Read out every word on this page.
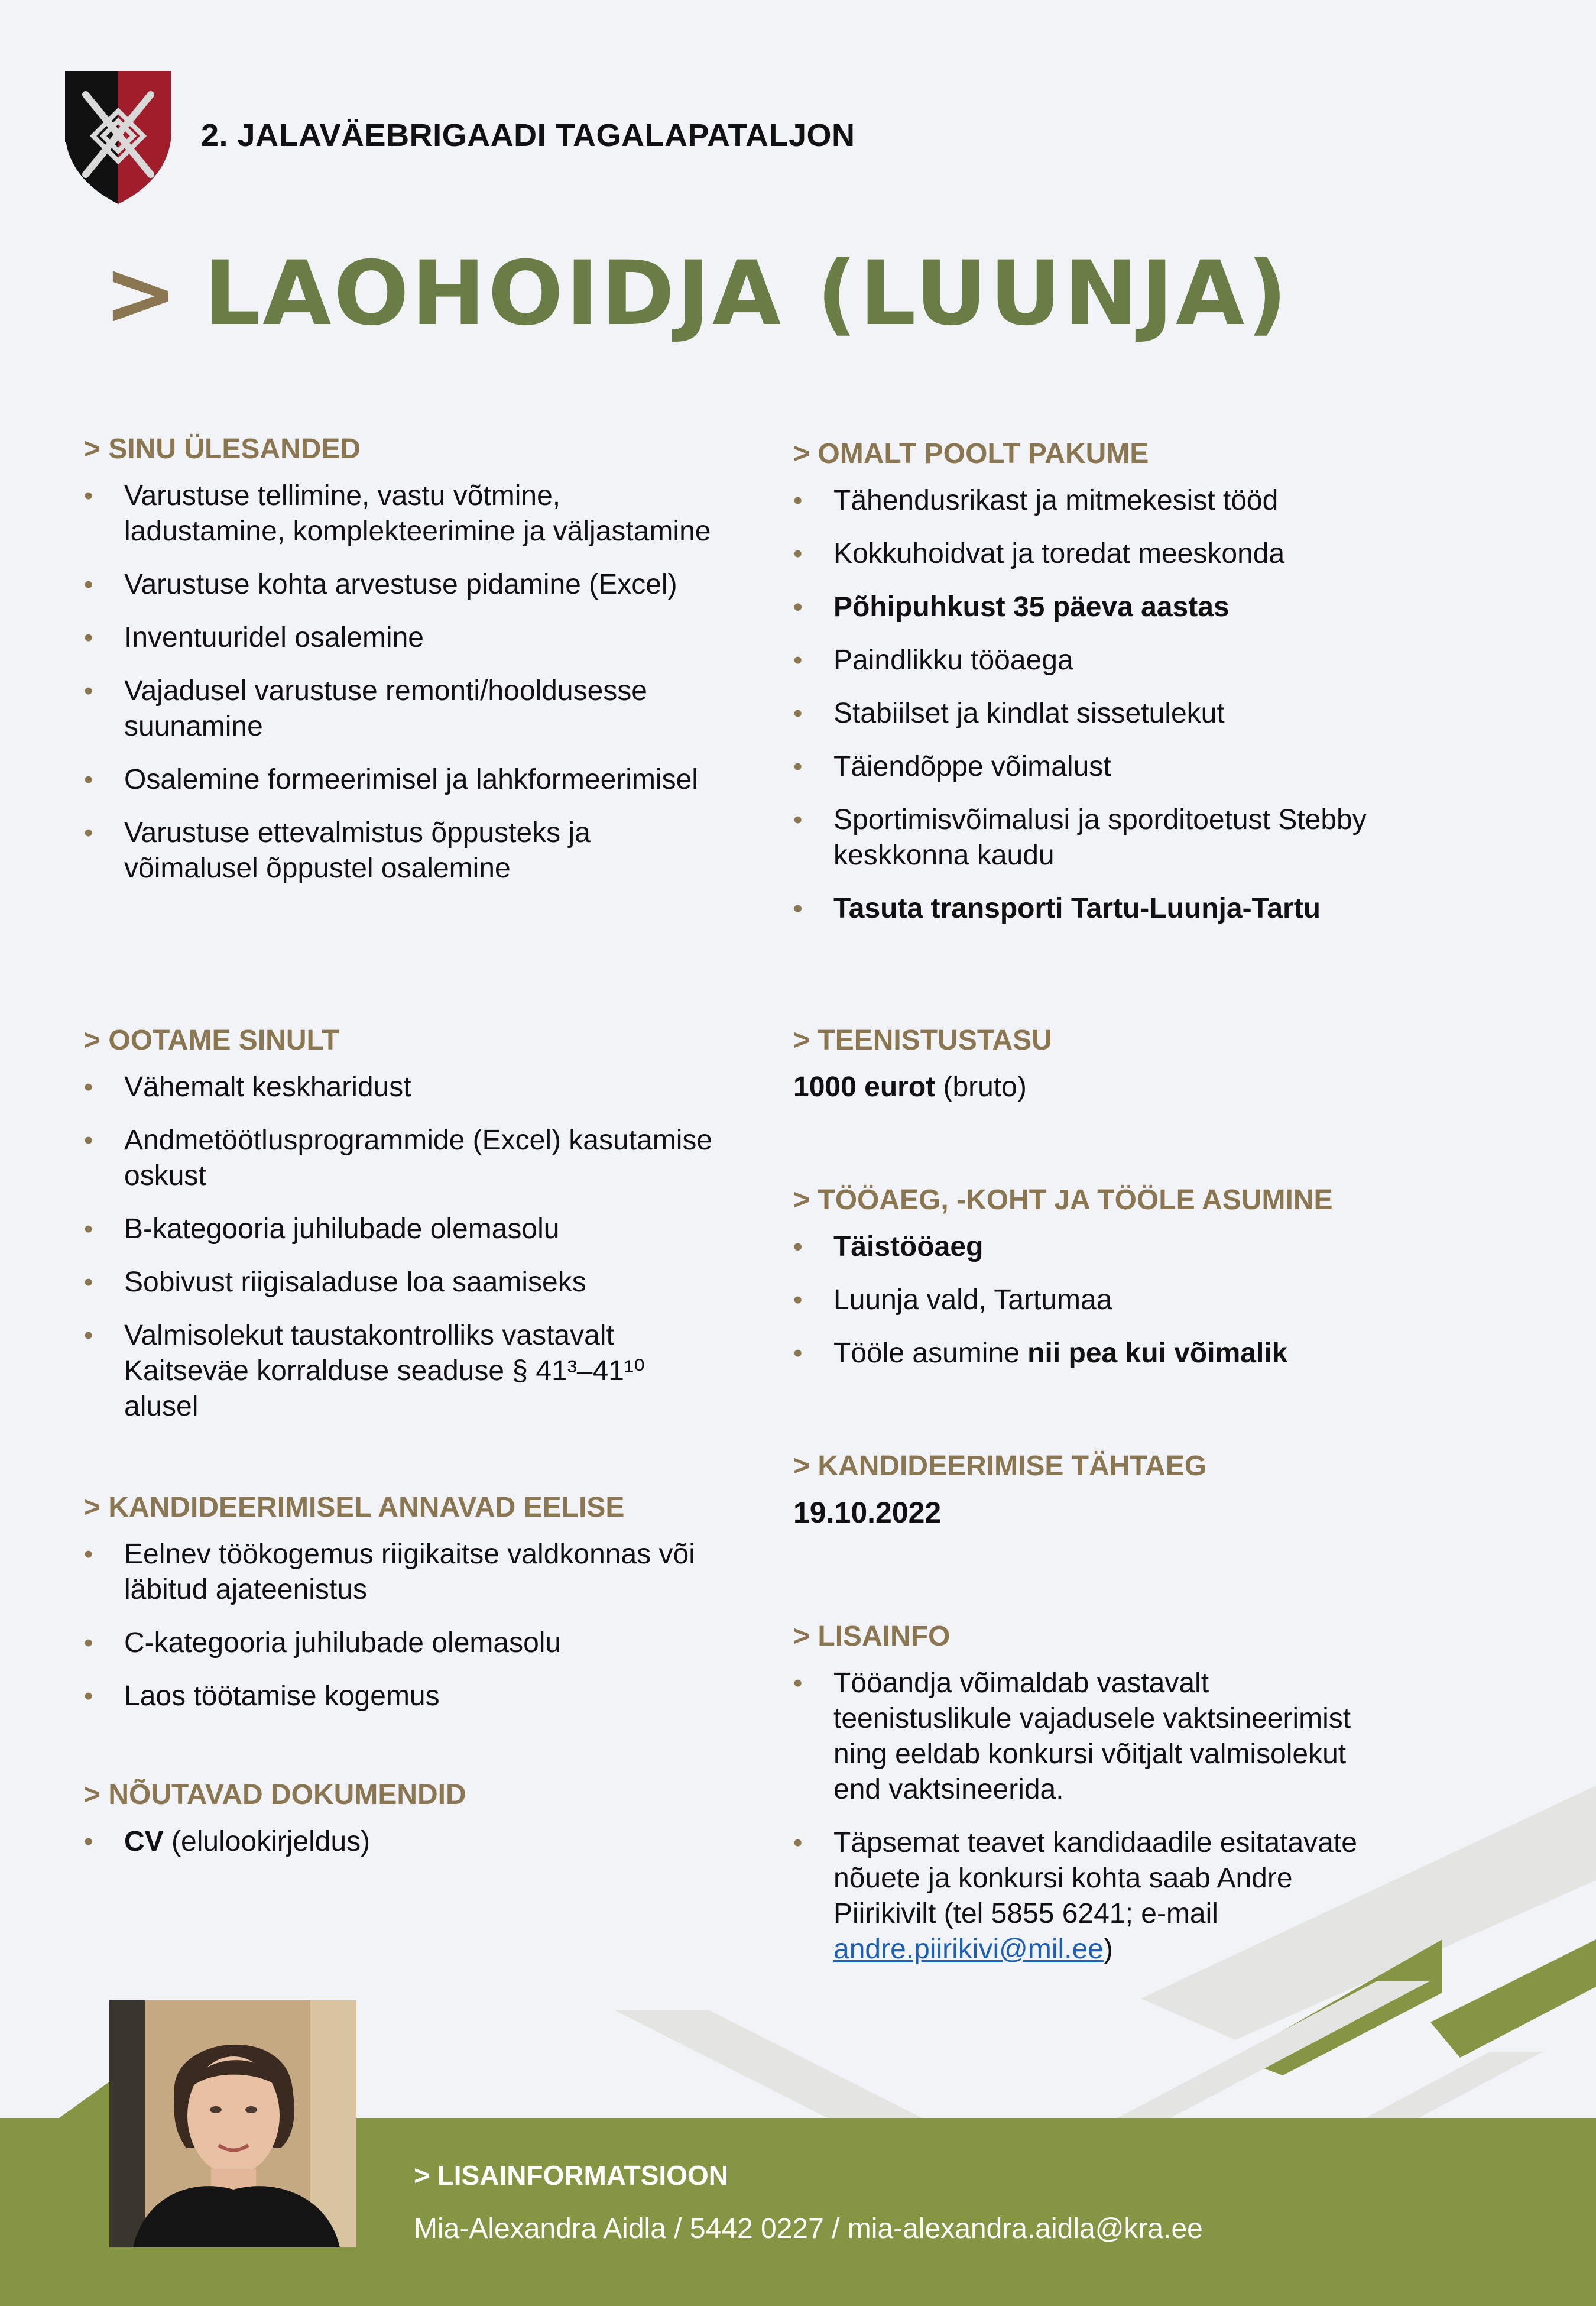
2. JALAVÄEBRIGAADI TAGALAPATALJON
> LAOHOIDJA (LUUNJA)
> SINU ÜLESANDED
• Varustuse tellimine, vastu võtmine, ladustamine, komplekteerimine ja väljastamine
• Varustuse kohta arvestuse pidamine (Excel)
• Inventuuridel osalemine
• Vajadusel varustuse remonti/hooldusesse suunamine
• Osalemine formeerimisel ja lahkformeerimisel
• Varustuse ettevalmistus õppusteks ja võimalusel õppustel osalemine
> OOTAME SINULT
• Vähemalt keskharidust
• Andmetöötlusprogrammide (Excel) kasutamise oskust
• B-kategooria juhilubade olemasolu
• Sobivust riigisaladuse loa saamiseks
• Valmisolekut taustakontrolliks vastavalt Kaitseväe korralduse seaduse § 41³–41¹⁰ alusel
> KANDIDEERIMISEL ANNAVAD EELISE
• Eelnev töökogemus riigikaitse valdkonnas või läbitud ajateenistus
• C-kategooria juhilubade olemasolu
• Laos töötamise kogemus
> NÕUTAVAD DOKUMENDID
• CV (elulookirjeldus)
> OMALT POOLT PAKUME
• Tähendusrikast ja mitmekesist tööd
• Kokkuhoidvat ja toredat meeskonda
• Põhipuhkust 35 päeva aastas
• Paindlikku tööaega
• Stabiilset ja kindlat sissetulekut
• Täiendõppe võimalust
• Sportimisvõimalusi ja sporditoetust Stebby keskkonna kaudu
• Tasuta transporti Tartu-Luunja-Tartu
> TEENISTUSTASU
1000 eurot (bruto)
> TÖÖAEG, -KOHT JA TÖÖLE ASUMINE
• Täistööaeg
• Luunja vald, Tartumaa
• Tööle asumine nii pea kui võimalik
> KANDIDEERIMISE TÄHTAEG
19.10.2022
> LISAINFO
• Tööandja võimaldab vastavalt teenistuslikule vajadusele vaktsineerimist ning eeldab konkursi võitjalt valmisolekut end vaktsineerida.
• Täpsemat teavet kandidaadile esitatavate nõuete ja konkursi kohta saab Andre Piirikivilt (tel 5855 6241; e-mail andre.piirikivi@mil.ee)
> LISAINFORMATSIOON
Mia-Alexandra Aidla / 5442 0227 / mia-alexandra.aidla@kra.ee
